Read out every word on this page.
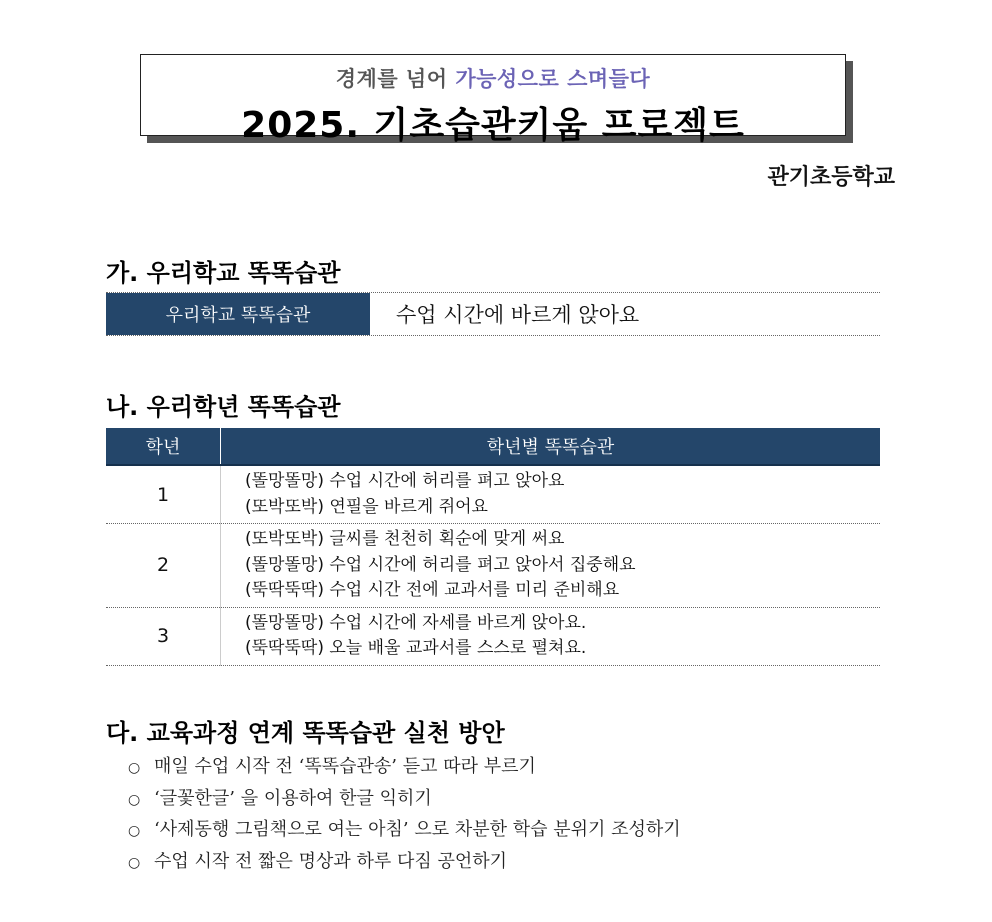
경계를 넘어 가능성으로 스며들다
2025. 기초습관키움 프로젝트
관기초등학교
가. 우리학교 똑똑습관
우리학교 똑똑습관	수업 시간에 바르게 앉아요
나. 우리학년 똑똑습관
학년	학년별 똑똑습관
1	(똘망똘망) 수업 시간에 허리를 펴고 앉아요
(또박또박) 연필을 바르게 쥐어요

2	(또박또박) 글씨를 천천히 획순에 맞게 써요
(똘망똘망) 수업 시간에 허리를 펴고 앉아서 집중해요
(뚝딱뚝딱) 수업 시간 전에 교과서를 미리 준비해요

3	(똘망똘망) 수업 시간에 자세를 바르게 앉아요.
(뚝딱뚝딱) 오늘 배울 교과서를 스스로 펼쳐요.
다. 교육과정 연계 똑똑습관 실천 방안
○ 매일 수업 시작 전 ‘똑똑습관송’ 듣고 따라 부르기
○ ‘글꽃한글’ 을 이용하여 한글 익히기
○ ‘사제동행 그림책으로 여는 아침’ 으로 차분한 학습 분위기 조성하기
○ 수업 시작 전 짧은 명상과 하루 다짐 공언하기
